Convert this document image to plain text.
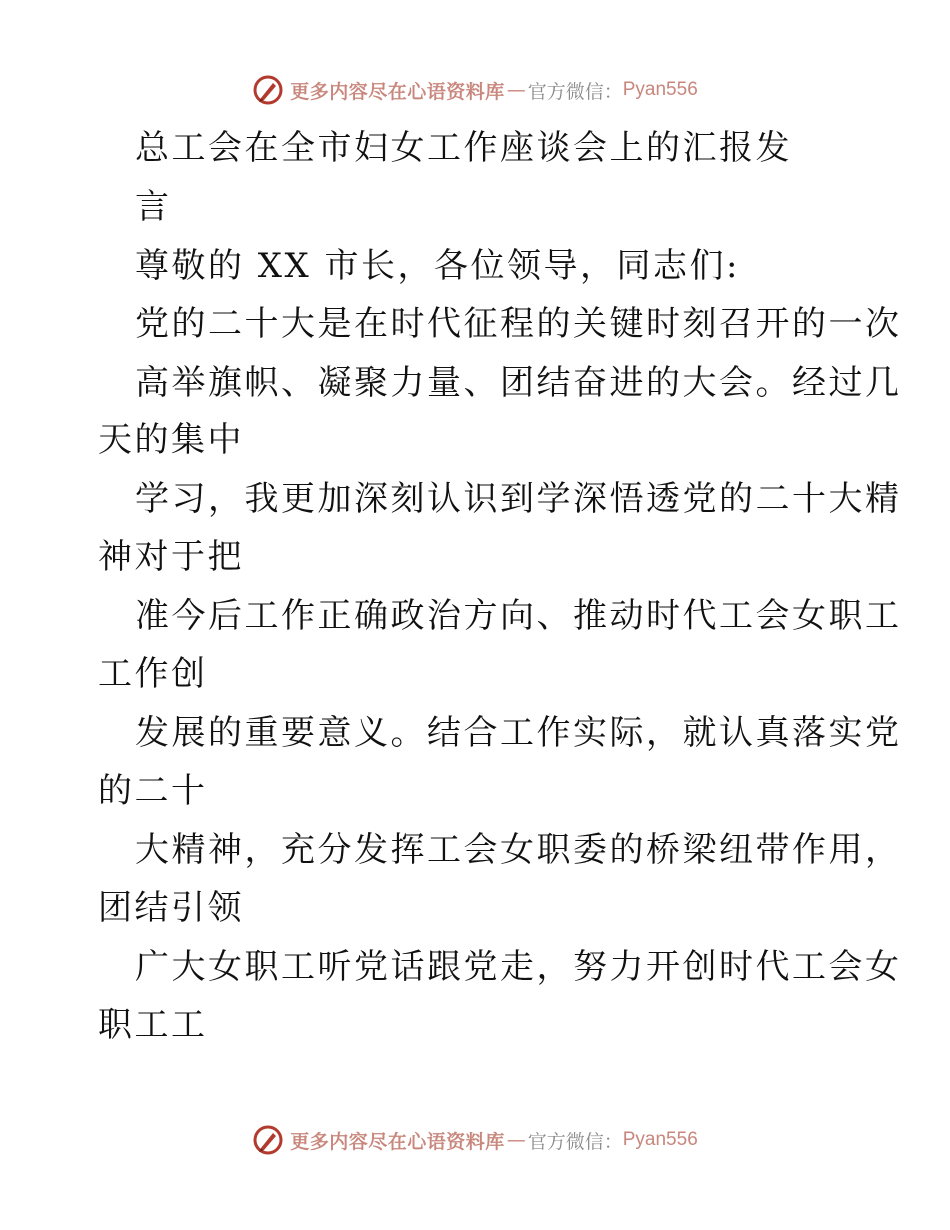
更多内容尽在心语资料库 — 官方微信： Pyan556
总工会在全市妇女工作座谈会上的汇报发
言
尊敬的 XX 市长，各位领导，同志们:
党的二十大是在时代征程的关键时刻召开的一次
高举旗帜、凝聚力量、团结奋进的大会。经过几
天的集中
学习，我更加深刻认识到学深悟透党的二十大精
神对于把
准今后工作正确政治方向、推动时代工会女职工
工作创
发展的重要意义。结合工作实际，就认真落实党
的二十
大精神，充分发挥工会女职委的桥梁纽带作用，
团结引领
广大女职工听党话跟党走，努力开创时代工会女
职工工
更多内容尽在心语资料库 — 官方微信： Pyan556
